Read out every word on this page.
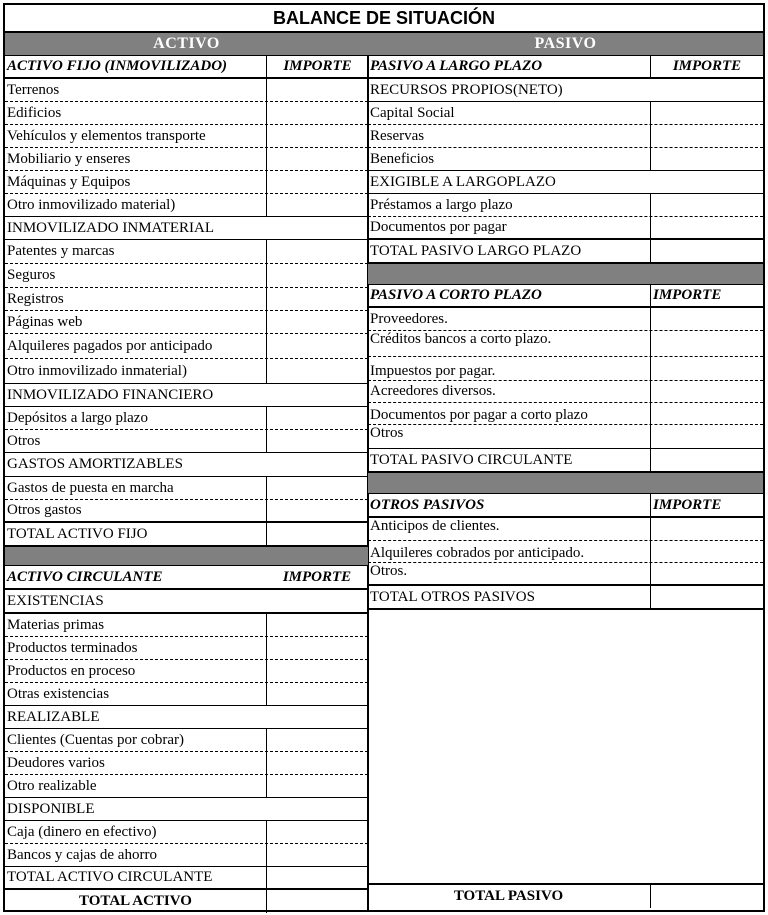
BALANCE DE SITUACIÓN
ACTIVO
ACTIVO FIJO (INMOVILIZADO)	IMPORTE
Terrenos
Edificios
Vehículos y elementos transporte
Mobiliario y enseres
Máquinas y Equipos
Otro inmovilizado material)
INMOVILIZADO INMATERIAL
Patentes y marcas
Seguros
Registros
Páginas web
Alquileres pagados por anticipado
Otro inmovilizado inmaterial)
INMOVILIZADO FINANCIERO
Depósitos a largo plazo
Otros
GASTOS AMORTIZABLES
Gastos de puesta en marcha
Otros gastos
TOTAL ACTIVO FIJO
ACTIVO CIRCULANTE	IMPORTE
EXISTENCIAS
Materias primas
Productos terminados
Productos en proceso
Otras existencias
REALIZABLE
Clientes (Cuentas por cobrar)
Deudores varios
Otro realizable
DISPONIBLE
Caja (dinero en efectivo)
Bancos y cajas de ahorro
TOTAL ACTIVO CIRCULANTE
TOTAL ACTIVO
PASIVO
PASIVO A LARGO PLAZO	IMPORTE
RECURSOS PROPIOS(NETO)
Capital Social
Reservas
Beneficios
EXIGIBLE A LARGOPLAZO
Préstamos a largo plazo
Documentos por pagar
TOTAL PASIVO LARGO PLAZO
PASIVO A CORTO PLAZO	IMPORTE
Proveedores.
Créditos bancos a corto plazo.
Impuestos por pagar.
Acreedores diversos.
Documentos por pagar a corto plazo
Otros
TOTAL PASIVO CIRCULANTE
OTROS PASIVOS	IMPORTE
Anticipos de clientes.
Alquileres cobrados por anticipado.
Otros.
TOTAL OTROS PASIVOS
TOTAL PASIVO
